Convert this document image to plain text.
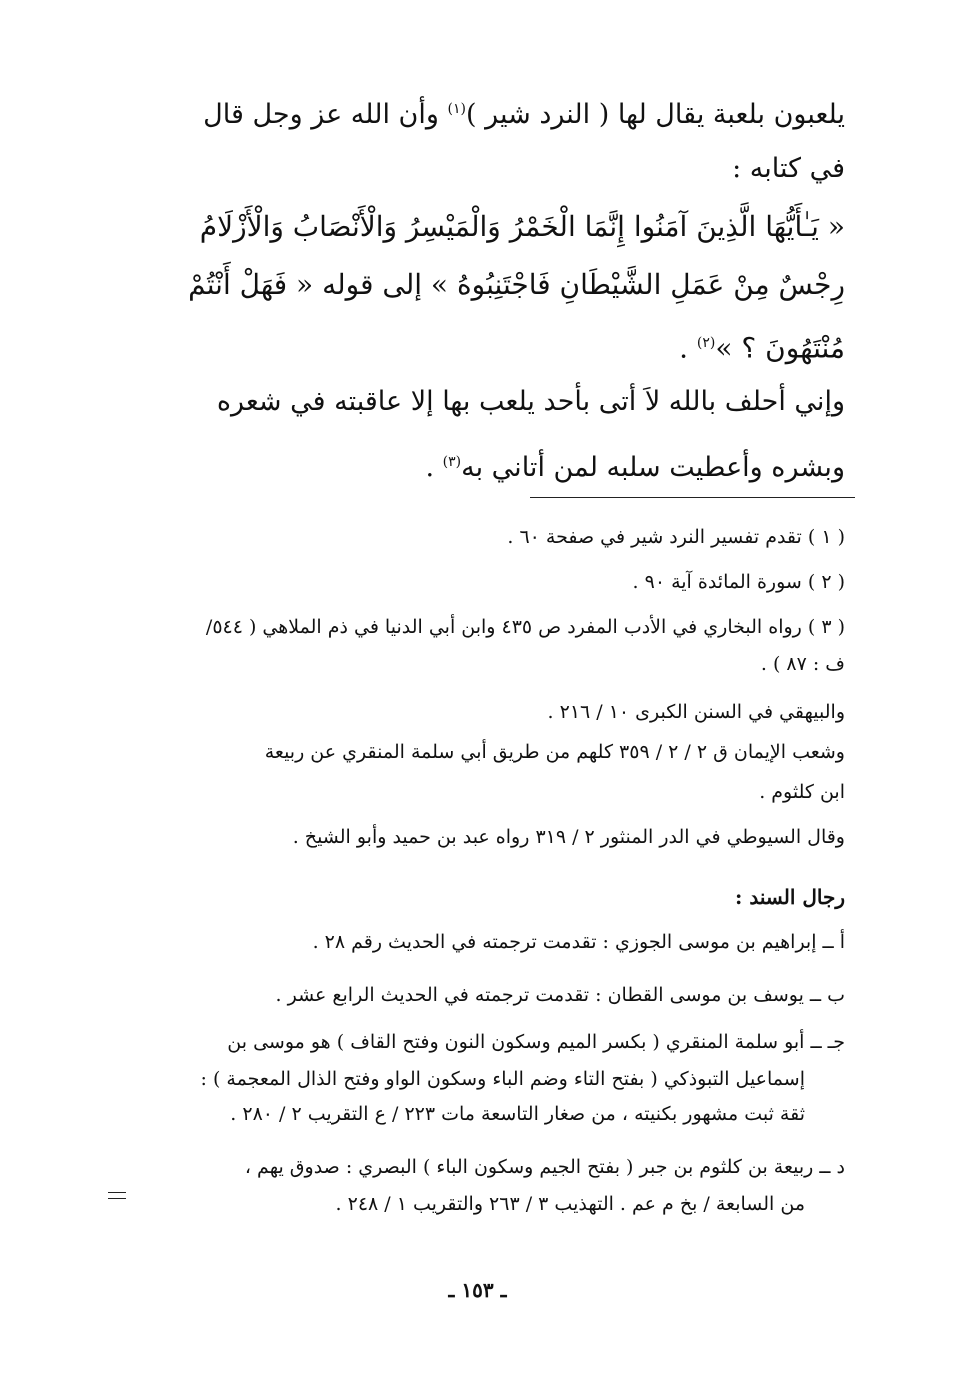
يلعبون بلعبة يقال لها ( النرد شير )$^{(١)}$ وأن الله عز وجل قال
في كتابه :
« يَـٰأَيُّهَا الَّذِينَ آمَنُوا إِنَّمَا الْخَمْرُ وَالْمَيْسِرُ وَالْأَنْصَابُ وَالْأَزْلَامُ
رِجْسٌ مِنْ عَمَلِ الشَّيْطَانِ فَاجْتَنِبُوهُ » إلى قوله « فَهَلْ أَنْتُمْ
مُنْتَهُونَ ؟ »$^{(٢)}$ .
وإني أحلف بالله لاَ أتى بأحد يلعب بها إلا عاقبته في شعره
وبشره وأعطيت سلبه لمن أتاني به$^{(٣)}$ .
( ١ ) تقدم تفسير النرد شير في صفحة ٦٠ .
( ٢ ) سورة المائدة آية ٩٠ .
( ٣ ) رواه البخاري في الأدب المفرد ص ٤٣٥ وابن أبي الدنيا في ذم الملاهي ( ٥٤٤/
ف : ٨٧ ) .
والبيهقي في السنن الكبرى ١٠ / ٢١٦ .
وشعب الإيمان ق ٢ / ٢ / ٣٥٩ كلهم من طريق أبي سلمة المنقري عن ربيعة
ابن كلثوم .
وقال السيوطي في الدر المنثور ٢ / ٣١٩ رواه عبد بن حميد وأبو الشيخ .
رجال السند :
أ ــ إبراهيم بن موسى الجوزي : تقدمت ترجمته في الحديث رقم ٢٨ .
ب ــ يوسف بن موسى القطان : تقدمت ترجمته في الحديث الرابع عشر .
جـ ــ أبو سلمة المنقري ( بكسر الميم وسكون النون وفتح القاف ) هو موسى بن
إسماعيل التبوذكي ( بفتح التاء وضم الباء وسكون الواو وفتح الذال المعجمة ) :
ثقة ثبت مشهور بكنيته ، من صغار التاسعة مات ٢٢٣ / ع التقريب ٢ / ٢٨٠ .
د ــ ربيعة بن كلثوم بن جبر ( بفتح الجيم وسكون الباء ) البصري : صدوق يهم ،
من السابعة / بخ م عم . التهذيب ٣ / ٢٦٣ والتقريب ١ / ٢٤٨ .
ـ ١٥٣ ـ
